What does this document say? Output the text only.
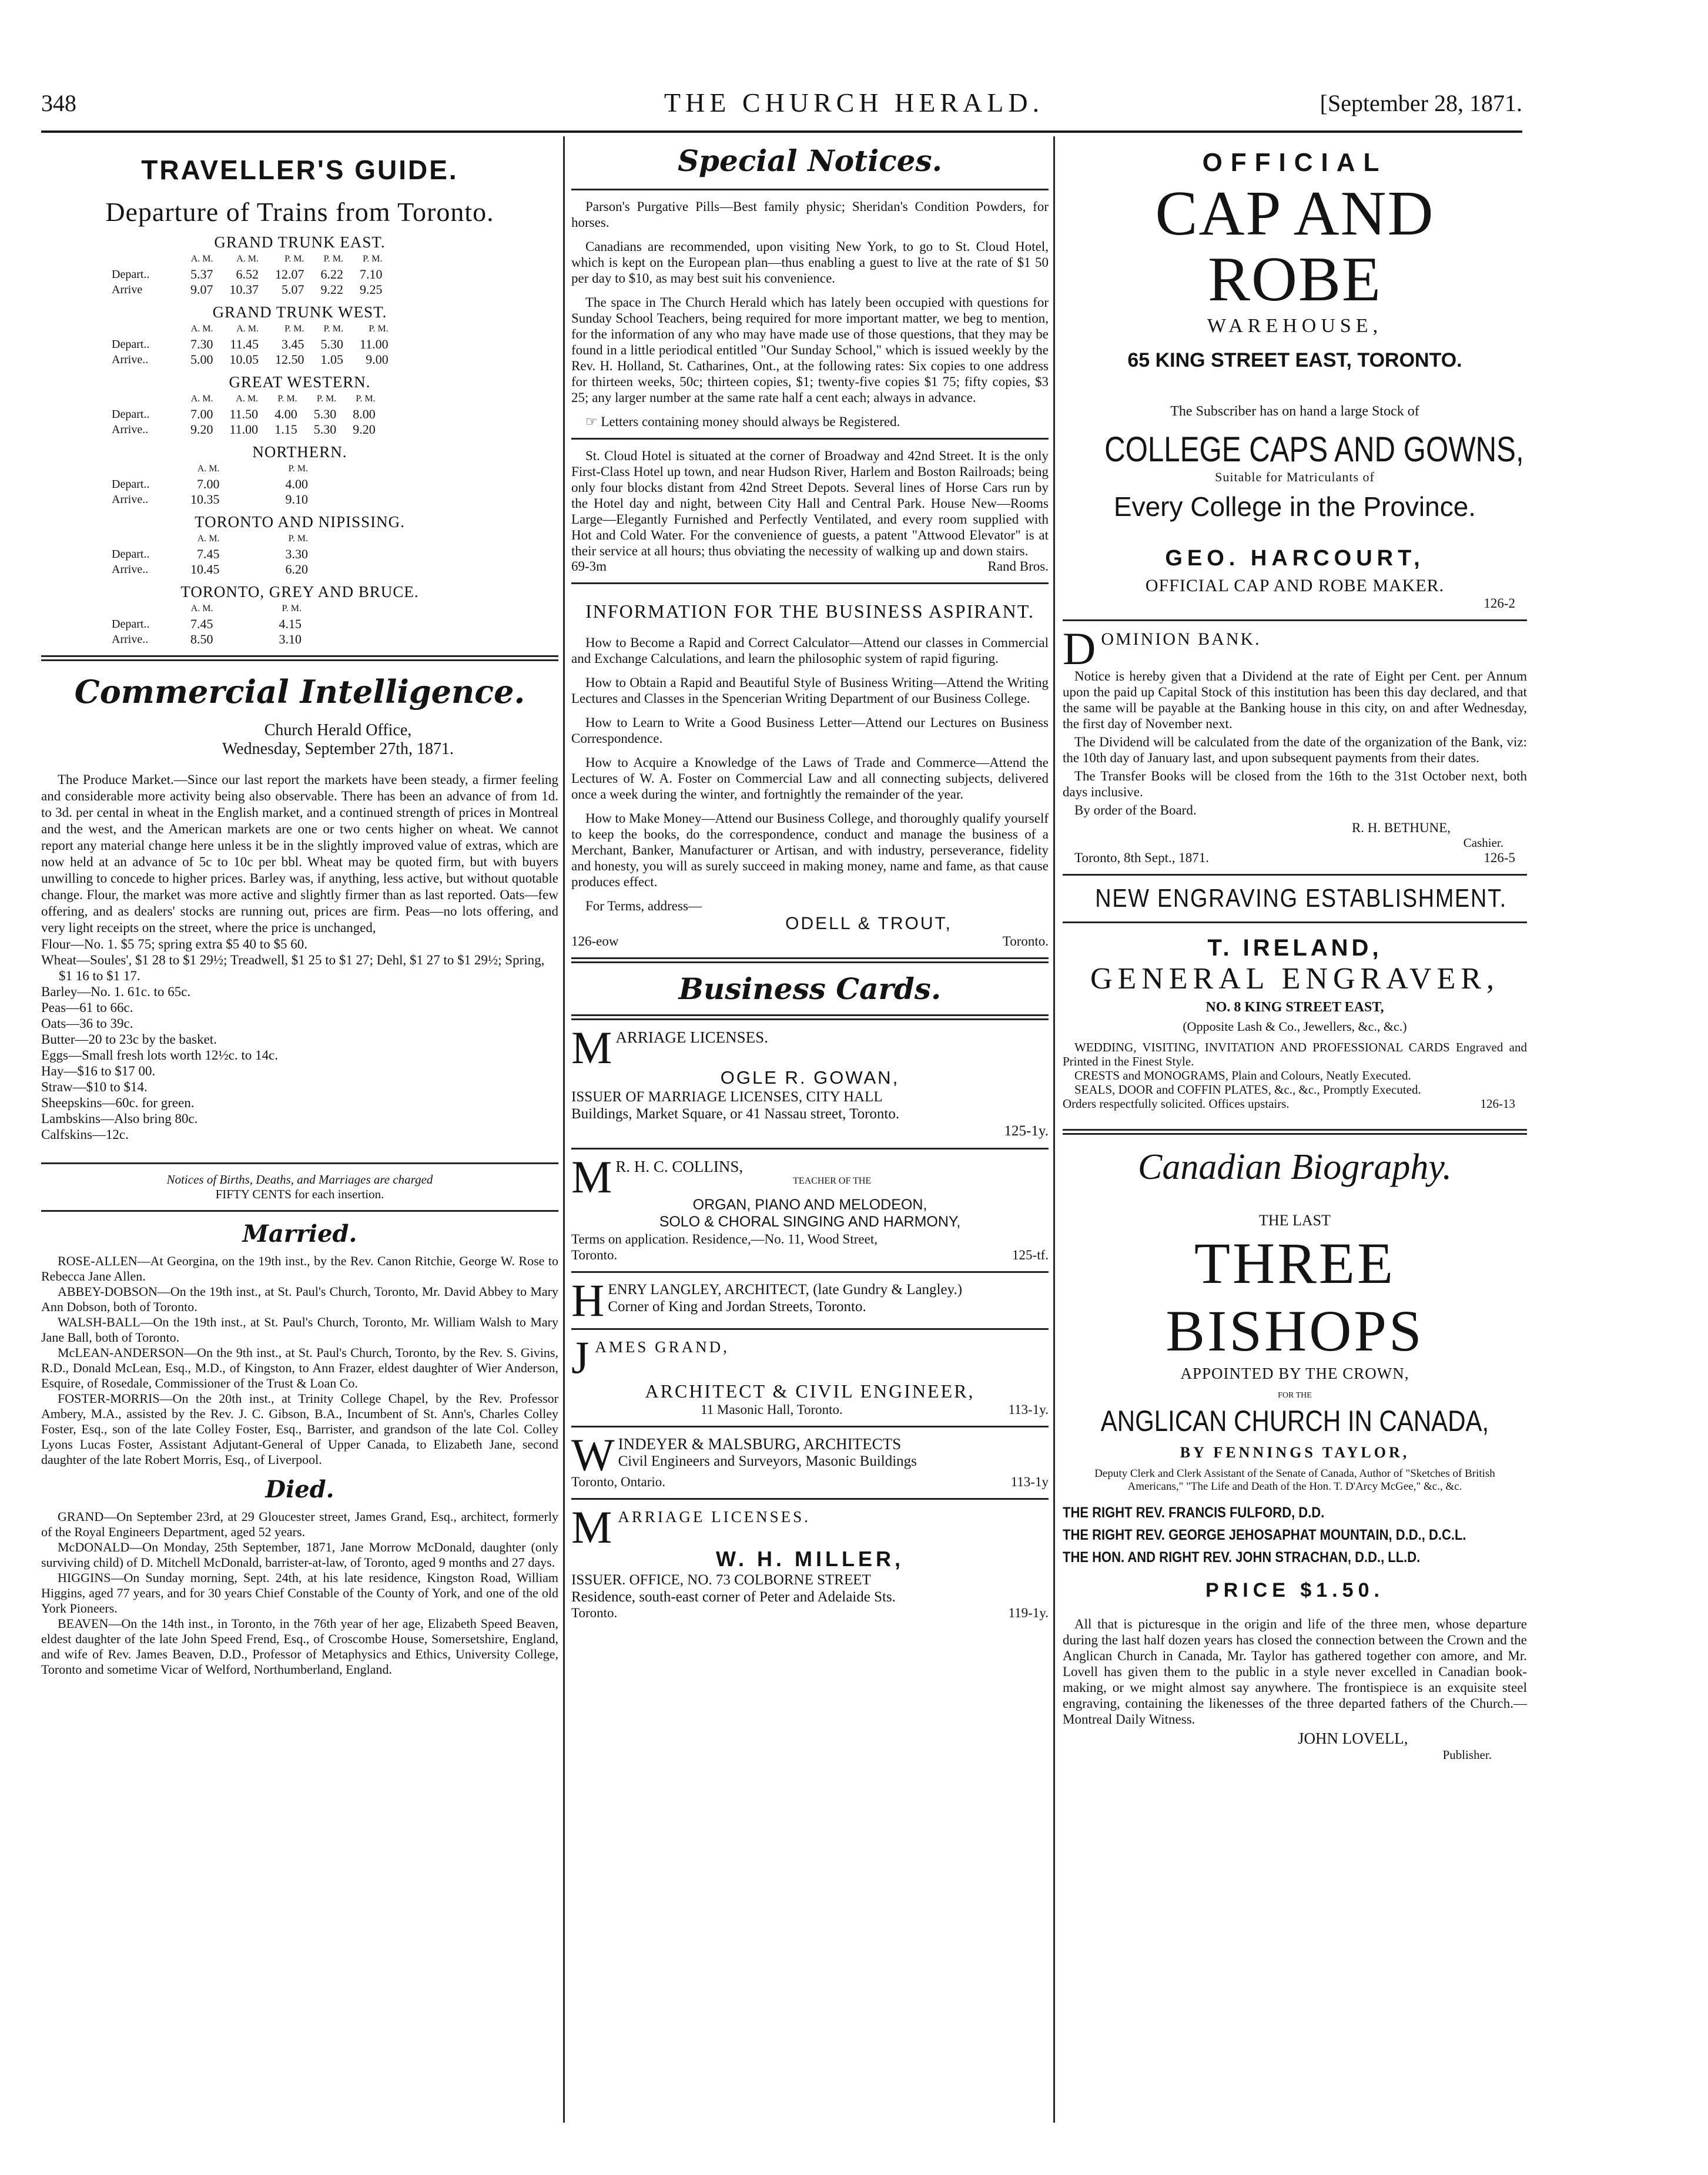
348	THE CHURCH HERALD.	[September 28, 1871.
TRAVELLER'S GUIDE.
Departure of Trains from Toronto.
GRAND TRUNK EAST.
	A. M.	A. M.	P. M.	P. M.	P. M.
Depart..	5.37	6.52	12.07	6.22	7.10
Arrive	9.07	10.37	5.07	9.22	9.25
GRAND TRUNK WEST.
	A. M.	A. M.	P. M.	P. M.	P. M.
Depart..	7.30	11.45	3.45	5.30	11.00
Arrive..	5.00	10.05	12.50	1.05	9.00
GREAT WESTERN.
	A. M.	A. M.	P. M.	P. M.	P. M.
Depart..	7.00	11.50	4.00	5.30	8.00
Arrive..	9.20	11.00	1.15	5.30	9.20
NORTHERN.
	A. M.				P. M.
Depart..	7.00				4.00
Arrive..	10.35				9.10
TORONTO AND NIPISSING.
	A. M.				P. M.
Depart..	7.45				3.30
Arrive..	10.45				6.20
TORONTO, GREY AND BRUCE.
	A. M.				P. M.
Depart..	7.45				4.15
Arrive..	8.50				3.10
Commercial Intelligence.
Church Herald Office,
Wednesday, September 27th, 1871.
The Produce Market.—Since our last report the markets have been steady, a firmer feeling and considerable more activity being also observable. There has been an advance of from 1d. to 3d. per cental in wheat in the English market, and a continued strength of prices in Montreal and the west, and the American markets are one or two cents higher on wheat. We cannot report any material change here unless it be in the slightly improved value of extras, which are now held at an advance of 5c to 10c per bbl. Wheat may be quoted firm, but with buyers unwilling to concede to higher prices. Barley was, if anything, less active, but without quotable change. Flour, the market was more active and slightly firmer than as last reported. Oats—few offering, and as dealers' stocks are running out, prices are firm. Peas—no lots offering, and very light receipts on the street, where the price is unchanged,
Flour—No. 1. $5 75; spring extra $5 40 to $5 60.
Wheat—Soules', $1 28 to $1 29½; Treadwell, $1 25 to $1 27; Dehl, $1 27 to $1 29½; Spring, $1 16 to $1 17.
Barley—No. 1. 61c. to 65c.
Peas—61 to 66c.
Oats—36 to 39c.
Butter—20 to 23c by the basket.
Eggs—Small fresh lots worth 12½c. to 14c.
Hay—$16 to $17 00.
Straw—$10 to $14.
Sheepskins—60c. for green.
Lambskins—Also bring 80c.
Calfskins—12c.
Notices of Births, Deaths, and Marriages are charged
FIFTY CENTS for each insertion.
Married.
ROSE-ALLEN—At Georgina, on the 19th inst., by the Rev. Canon Ritchie, George W. Rose to Rebecca Jane Allen.
ABBEY-DOBSON—On the 19th inst., at St. Paul's Church, Toronto, Mr. David Abbey to Mary Ann Dobson, both of Toronto.
WALSH-BALL—On the 19th inst., at St. Paul's Church, Toronto, Mr. William Walsh to Mary Jane Ball, both of Toronto.
McLEAN-ANDERSON—On the 9th inst., at St. Paul's Church, Toronto, by the Rev. S. Givins, R.D., Donald McLean, Esq., M.D., of Kingston, to Ann Frazer, eldest daughter of Wier Anderson, Esquire, of Rosedale, Commissioner of the Trust & Loan Co.
FOSTER-MORRIS—On the 20th inst., at Trinity College Chapel, by the Rev. Professor Ambery, M.A., assisted by the Rev. J. C. Gibson, B.A., Incumbent of St. Ann's, Charles Colley Foster, Esq., son of the late Colley Foster, Esq., Barrister, and grandson of the late Col. Colley Lyons Lucas Foster, Assistant Adjutant-General of Upper Canada, to Elizabeth Jane, second daughter of the late Robert Morris, Esq., of Liverpool.
Died.
GRAND—On September 23rd, at 29 Gloucester street, James Grand, Esq., architect, formerly of the Royal Engineers Department, aged 52 years.
McDONALD—On Monday, 25th September, 1871, Jane Morrow McDonald, daughter (only surviving child) of D. Mitchell McDonald, barrister-at-law, of Toronto, aged 9 months and 27 days.
HIGGINS—On Sunday morning, Sept. 24th, at his late residence, Kingston Road, William Higgins, aged 77 years, and for 30 years Chief Constable of the County of York, and one of the old York Pioneers.
BEAVEN—On the 14th inst., in Toronto, in the 76th year of her age, Elizabeth Speed Beaven, eldest daughter of the late John Speed Frend, Esq., of Croscombe House, Somersetshire, England, and wife of Rev. James Beaven, D.D., Professor of Metaphysics and Ethics, University College, Toronto and sometime Vicar of Welford, Northumberland, England.
Special Notices.
Parson's Purgative Pills—Best family physic; Sheridan's Condition Powders, for horses.
Canadians are recommended, upon visiting New York, to go to St. Cloud Hotel, which is kept on the European plan—thus enabling a guest to live at the rate of $1 50 per day to $10, as may best suit his convenience.
The space in The Church Herald which has lately been occupied with questions for Sunday School Teachers, being required for more important matter, we beg to mention, for the information of any who may have made use of those questions, that they may be found in a little periodical entitled "Our Sunday School," which is issued weekly by the Rev. H. Holland, St. Catharines, Ont., at the following rates: Six copies to one address for thirteen weeks, 50c; thirteen copies, $1; twenty-five copies $1 75; fifty copies, $3 25; any larger number at the same rate half a cent each; always in advance.
☞ Letters containing money should always be Registered.
St. Cloud Hotel is situated at the corner of Broadway and 42nd Street. It is the only First-Class Hotel up town, and near Hudson River, Harlem and Boston Railroads; being only four blocks distant from 42nd Street Depots. Several lines of Horse Cars run by the Hotel day and night, between City Hall and Central Park. House New—Rooms Large—Elegantly Furnished and Perfectly Ventilated, and every room supplied with Hot and Cold Water. For the convenience of guests, a patent "Attwood Elevator" is at their service at all hours; thus obviating the necessity of walking up and down stairs.
69-3m	Rand Bros.
INFORMATION FOR THE BUSINESS ASPIRANT.
How to Become a Rapid and Correct Calculator—Attend our classes in Commercial and Exchange Calculations, and learn the philosophic system of rapid figuring.
How to Obtain a Rapid and Beautiful Style of Business Writing—Attend the Writing Lectures and Classes in the Spencerian Writing Department of our Business College.
How to Learn to Write a Good Business Letter—Attend our Lectures on Business Correspondence.
How to Acquire a Knowledge of the Laws of Trade and Commerce—Attend the Lectures of W. A. Foster on Commercial Law and all connecting subjects, delivered once a week during the winter, and fortnightly the remainder of the year.
How to Make Money—Attend our Business College, and thoroughly qualify yourself to keep the books, do the correspondence, conduct and manage the business of a Merchant, Banker, Manufacturer or Artisan, and with industry, perseverance, fidelity and honesty, you will as surely succeed in making money, name and fame, as that cause produces effect.
For Terms, address—
ODELL & TROUT,
126-eow	Toronto.
Business Cards.
MARRIAGE LICENSES.
OGLE R. GOWAN,
ISSUER OF MARRIAGE LICENSES, CITY HALL
Buildings, Market Square, or 41 Nassau street, Toronto.
125-1y.
M R. H. C. COLLINS,
TEACHER OF THE
ORGAN, PIANO AND MELODEON,
SOLO & CHORAL SINGING AND HARMONY,
Terms on application. Residence,—No. 11, Wood Street,
Toronto.	125-tf.
HENRY LANGLEY, ARCHITECT, (late Gundry & Langley.)
Corner of King and Jordan Streets, Toronto.
JAMES GRAND,
ARCHITECT & CIVIL ENGINEER,
11 Masonic Hall, Toronto.	113-1y.
WINDEYER & MALSBURG, ARCHITECTS
Civil Engineers and Surveyors, Masonic Buildings
Toronto, Ontario.	113-1y
MARRIAGE LICENSES.
W. H. MILLER,
ISSUER. OFFICE, NO. 73 COLBORNE STREET
Residence, south-east corner of Peter and Adelaide Sts.
Toronto.	119-1y.
OFFICIAL
CAP AND ROBE
WAREHOUSE,
65 KING STREET EAST, TORONTO.
The Subscriber has on hand a large Stock of
COLLEGE CAPS AND GOWNS,
Suitable for Matriculants of
Every College in the Province.
GEO. HARCOURT,
OFFICIAL CAP AND ROBE MAKER.
126-2
DOMINION BANK.
Notice is hereby given that a Dividend at the rate of Eight per Cent. per Annum upon the paid up Capital Stock of this institution has been this day declared, and that the same will be payable at the Banking house in this city, on and after Wednesday, the first day of November next.
The Dividend will be calculated from the date of the organization of the Bank, viz: the 10th day of January last, and upon subsequent payments from their dates.
The Transfer Books will be closed from the 16th to the 31st October next, both days inclusive.
By order of the Board.
R. H. BETHUNE,
Cashier.
Toronto, 8th Sept., 1871.	126-5
NEW ENGRAVING ESTABLISHMENT.
T. IRELAND,
GENERAL ENGRAVER,
NO. 8 KING STREET EAST,
(Opposite Lash & Co., Jewellers, &c., &c.)
WEDDING, VISITING, INVITATION AND PROFESSIONAL CARDS Engraved and Printed in the Finest Style.
CRESTS and MONOGRAMS, Plain and Colours, Neatly Executed.
SEALS, DOOR and COFFIN PLATES, &c., &c., Promptly Executed.
Orders respectfully solicited. Offices upstairs.	126-13
Canadian Biography.
THE LAST
THREE BISHOPS
APPOINTED BY THE CROWN,
FOR THE
ANGLICAN CHURCH IN CANADA,
BY FENNINGS TAYLOR,
Deputy Clerk and Clerk Assistant of the Senate of Canada, Author of "Sketches of British Americans," "The Life and Death of the Hon. T. D'Arcy McGee," &c., &c.
THE RIGHT REV. FRANCIS FULFORD, D.D.
THE RIGHT REV. GEORGE JEHOSAPHAT MOUNTAIN, D.D., D.C.L.
THE HON. AND RIGHT REV. JOHN STRACHAN, D.D., LL.D.
PRICE $1.50.
All that is picturesque in the origin and life of the three men, whose departure during the last half dozen years has closed the connection between the Crown and the Anglican Church in Canada, Mr. Taylor has gathered together con amore, and Mr. Lovell has given them to the public in a style never excelled in Canadian book-making, or we might almost say anywhere. The frontispiece is an exquisite steel engraving, containing the likenesses of the three departed fathers of the Church.—Montreal Daily Witness.
JOHN LOVELL,
Publisher.
